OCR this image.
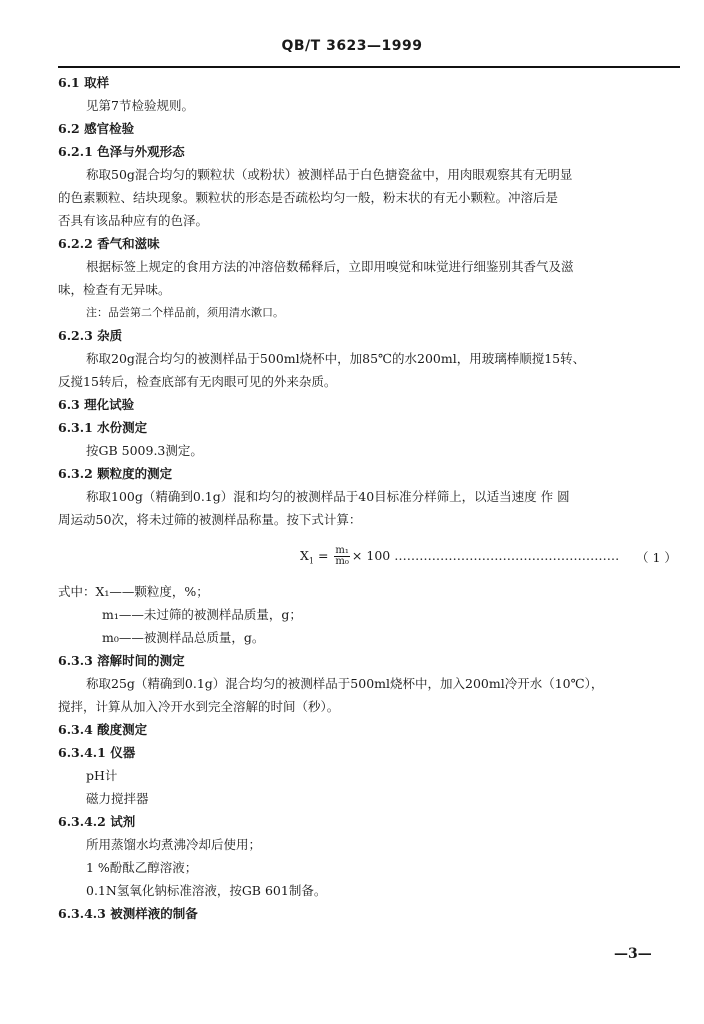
QB/T 3623—1999
6.1 取样
见第7节检验规则。
6.2 感官检验
6.2.1 色泽与外观形态
称取50g混合均匀的颗粒状（或粉状）被测样品于白色搪瓷盆中，用肉眼观察其有无明显
的色素颗粒、结块现象。颗粒状的形态是否疏松均匀一般，粉末状的有无小颗粒。冲溶后是
否具有该品种应有的色泽。
6.2.2 香气和滋味
根据标签上规定的食用方法的冲溶倍数稀释后，立即用嗅觉和味觉进行细鉴别其香气及滋
味，检查有无异味。
注：品尝第二个样品前，须用清水漱口。
6.2.3 杂质
称取20g混合均匀的被测样品于500ml烧杯中，加85℃的水200ml，用玻璃棒顺搅15转、
反搅15转后，检查底部有无肉眼可见的外来杂质。
6.3 理化试验
6.3.1 水份测定
按GB 5009.3测定。
6.3.2 颗粒度的测定
称取100g（精确到0.1g）混和均匀的被测样品于40目标准分样筛上，以适当速度 作 圆
周运动50次，将未过筛的被测样品称量。按下式计算：
$X_1 = \frac{\text{m₁}}{\text{m₀}} \times 100$ ……………………………………………… （ 1 ）
式中：X₁——颗粒度，%；
m₁——未过筛的被测样品质量，g；
m₀——被测样品总质量，g。
6.3.3 溶解时间的测定
称取25g（精确到0.1g）混合均匀的被测样品于500ml烧杯中，加入200ml冷开水（10℃），
搅拌，计算从加入冷开水到完全溶解的时间（秒）。
6.3.4 酸度测定
6.3.4.1 仪器
pH计
磁力搅拌器
6.3.4.2 试剂
所用蒸馏水均煮沸冷却后使用；
1 %酚酞乙醇溶液；
0.1N氢氧化钠标准溶液，按GB 601制备。
6.3.4.3 被测样液的制备
—3—
